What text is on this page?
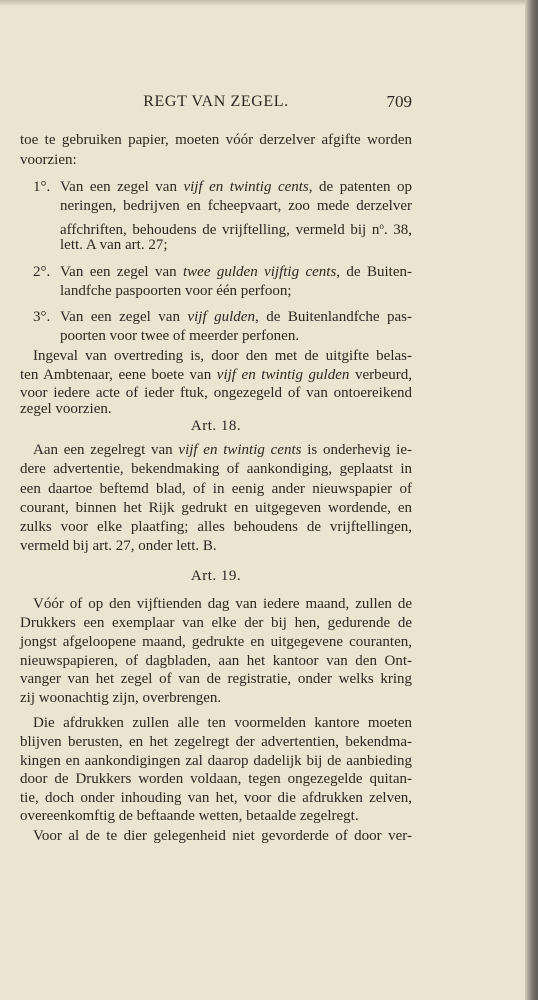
REGT VAN ZEGEL.	709
toe te gebruiken papier, moeten vóór derzelver afgifte worden
voorzien:
1°. Van een zegel van vijf en twintig cents, de patenten op
neringen, bedrijven en fcheepvaart, zoo mede derzelver
affchriften, behoudens de vrijftelling, vermeld bij $n^o$. 38,
lett. A van art. 27;
2°. Van een zegel van twee gulden vijftig cents, de Buiten-
landfche paspoorten voor één perfoon;
3°. Van een zegel van vijf gulden, de Buitenlandfche pas-
poorten voor twee of meerder perfonen.
Ingeval van overtreding is, door den met de uitgifte belas-
ten Ambtenaar, eene boete van vijf en twintig gulden verbeurd,
voor iedere acte of ieder ftuk, ongezegeld of van ontoereikend
zegel voorzien.
Art. 18.
Aan een zegelregt van vijf en twintig cents is onderhevig ie-
dere advertentie, bekendmaking of aankondiging, geplaatst in
een daartoe beftemd blad, of in eenig ander nieuwspapier of
courant, binnen het Rijk gedrukt en uitgegeven wordende, en
zulks voor elke plaatfing; alles behoudens de vrijftellingen,
vermeld bij art. 27, onder lett. B.
Art. 19.
Vóór of op den vijftienden dag van iedere maand, zullen de
Drukkers een exemplaar van elke der bij hen, gedurende de
jongst afgeloopene maand, gedrukte en uitgegevene couranten,
nieuwspapieren, of dagbladen, aan het kantoor van den Ont-
vanger van het zegel of van de registratie, onder welks kring
zij woonachtig zijn, overbrengen.
Die afdrukken zullen alle ten voormelden kantore moeten
blijven berusten, en het zegelregt der advertentien, bekendma-
kingen en aankondigingen zal daarop dadelijk bij de aanbieding
door de Drukkers worden voldaan, tegen ongezegelde quitan-
tie, doch onder inhouding van het, voor die afdrukken zelven,
overeenkomftig de beftaande wetten, betaalde zegelregt.
Voor al de te dier gelegenheid niet gevorderde of door ver-
